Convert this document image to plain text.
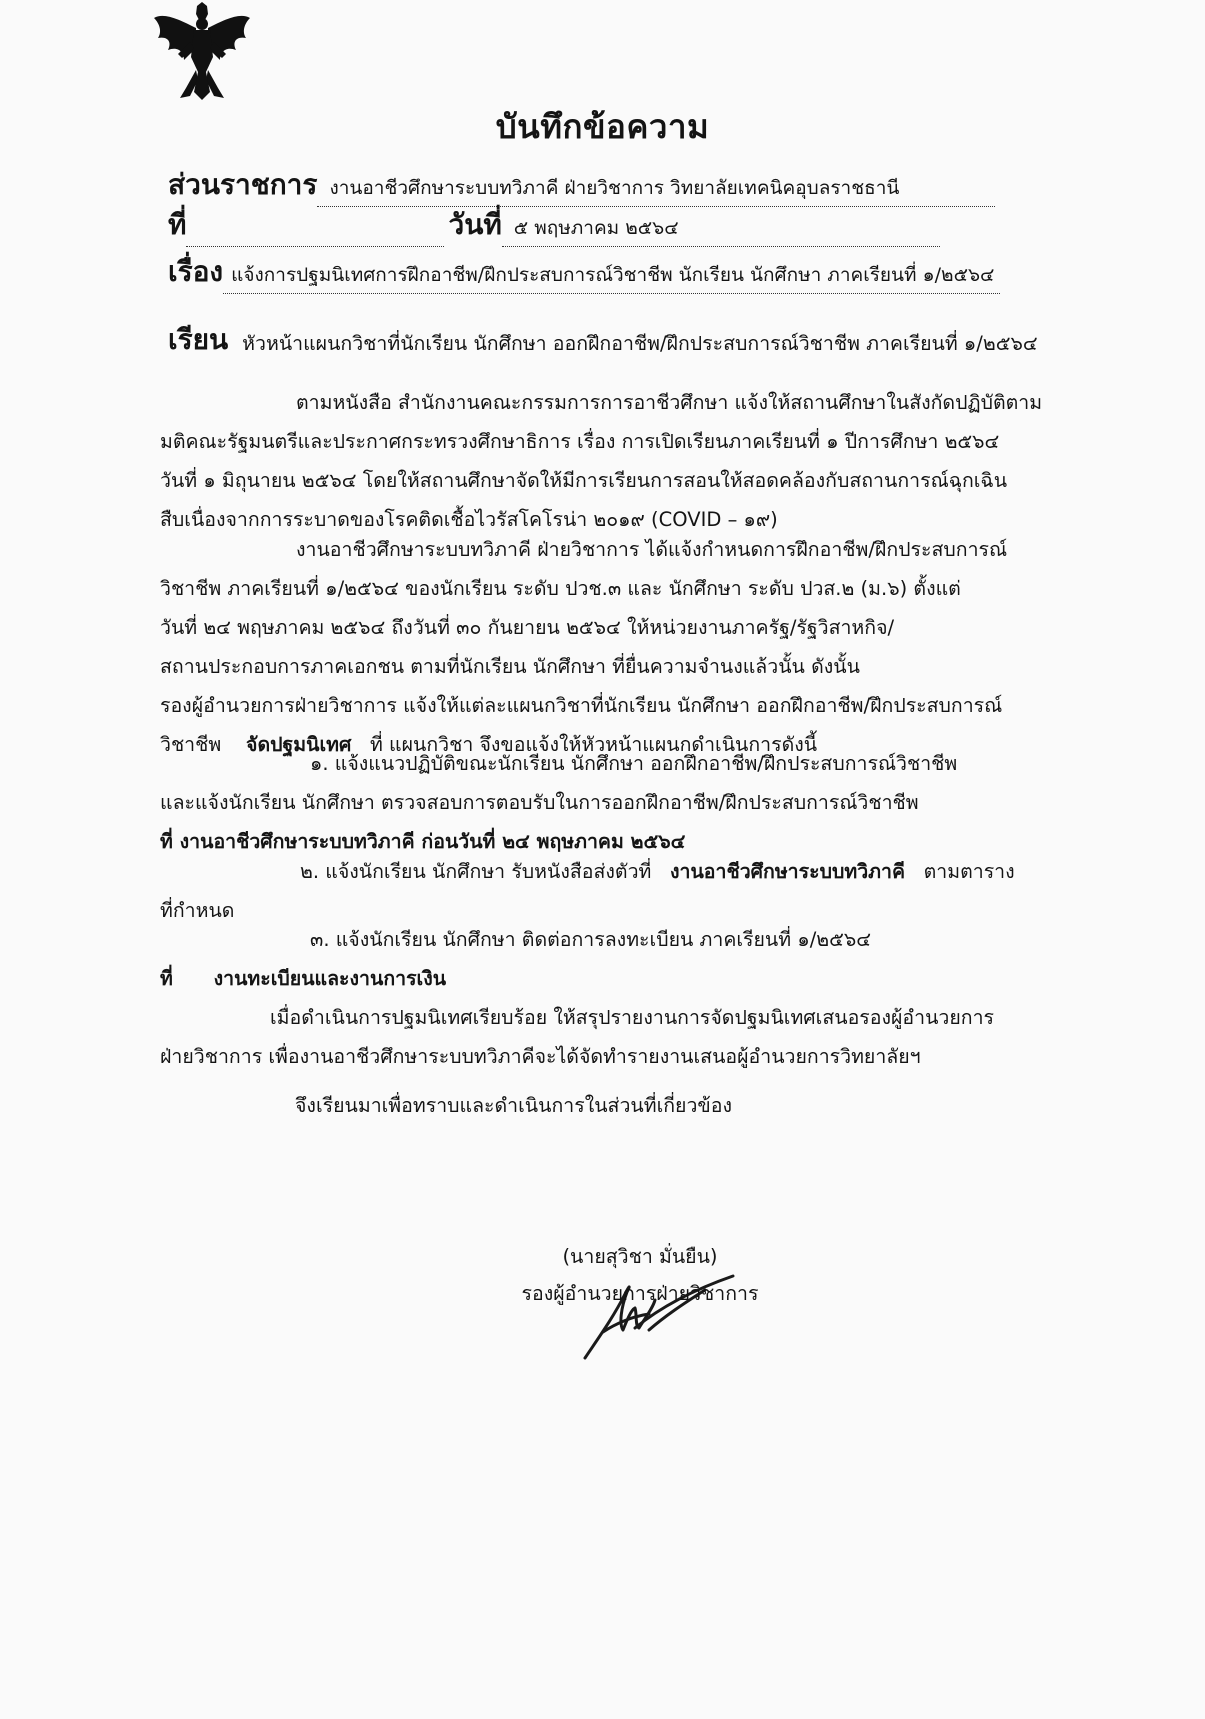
บันทึกข้อความ
ส่วนราชการ งานอาชีวศึกษาระบบทวิภาคี ฝ่ายวิชาการ วิทยาลัยเทคนิคอุบลราชธานี
ที่	วันที่ ๕ พฤษภาคม ๒๕๖๔
เรื่อง แจ้งการปฐมนิเทศการฝึกอาชีพ/ฝึกประสบการณ์วิชาชีพ นักเรียน นักศึกษา ภาคเรียนที่ ๑/๒๕๖๔
เรียน หัวหน้าแผนกวิชาที่นักเรียน นักศึกษา ออกฝึกอาชีพ/ฝึกประสบการณ์วิชาชีพ ภาคเรียนที่ ๑/๒๕๖๔
ตามหนังสือ สำนักงานคณะกรรมการการอาชีวศึกษา แจ้งให้สถานศึกษาในสังกัดปฏิบัติตาม
มติคณะรัฐมนตรีและประกาศกระทรวงศึกษาธิการ เรื่อง การเปิดเรียนภาคเรียนที่ ๑ ปีการศึกษา ๒๕๖๔
วันที่ ๑ มิถุนายน ๒๕๖๔ โดยให้สถานศึกษาจัดให้มีการเรียนการสอนให้สอดคล้องกับสถานการณ์ฉุกเฉิน
สืบเนื่องจากการระบาดของโรคติดเชื้อไวรัสโคโรน่า ๒๐๑๙ (COVID – ๑๙)
งานอาชีวศึกษาระบบทวิภาคี ฝ่ายวิชาการ ได้แจ้งกำหนดการฝึกอาชีพ/ฝึกประสบการณ์
วิชาชีพ ภาคเรียนที่ ๑/๒๕๖๔ ของนักเรียน ระดับ ปวช.๓ และ นักศึกษา ระดับ ปวส.๒ (ม.๖) ตั้งแต่
วันที่ ๒๔ พฤษภาคม ๒๕๖๔ ถึงวันที่ ๓๐ กันยายน ๒๕๖๔ ให้หน่วยงานภาครัฐ/รัฐวิสาหกิจ/
สถานประกอบการภาคเอกชน ตามที่นักเรียน นักศึกษา ที่ยื่นความจำนงแล้วนั้น ดังนั้น
รองผู้อำนวยการฝ่ายวิชาการ แจ้งให้แต่ละแผนกวิชาที่นักเรียน นักศึกษา ออกฝึกอาชีพ/ฝึกประสบการณ์
วิชาชีพ จัดปฐมนิเทศ ที่ แผนกวิชา จึงขอแจ้งให้หัวหน้าแผนกดำเนินการดังนี้
๑. แจ้งแนวปฏิบัติขณะนักเรียน นักศึกษา ออกฝึกอาชีพ/ฝึกประสบการณ์วิชาชีพ
และแจ้งนักเรียน นักศึกษา ตรวจสอบการตอบรับในการออกฝึกอาชีพ/ฝึกประสบการณ์วิชาชีพ
ที่ งานอาชีวศึกษาระบบทวิภาคี ก่อนวันที่ ๒๔ พฤษภาคม ๒๕๖๔
๒. แจ้งนักเรียน นักศึกษา รับหนังสือส่งตัวที่ งานอาชีวศึกษาระบบทวิภาคี ตามตาราง
ที่กำหนด
๓. แจ้งนักเรียน นักศึกษา ติดต่อการลงทะเบียน ภาคเรียนที่ ๑/๒๕๖๔
ที่ งานทะเบียนและงานการเงิน
เมื่อดำเนินการปฐมนิเทศเรียบร้อย ให้สรุปรายงานการจัดปฐมนิเทศเสนอรองผู้อำนวยการ
ฝ่ายวิชาการ เพื่องานอาชีวศึกษาระบบทวิภาคีจะได้จัดทำรายงานเสนอผู้อำนวยการวิทยาลัยฯ
จึงเรียนมาเพื่อทราบและดำเนินการในส่วนที่เกี่ยวข้อง
(นายสุวิชา มั่นยืน)
รองผู้อำนวยการฝ่ายวิชาการ
